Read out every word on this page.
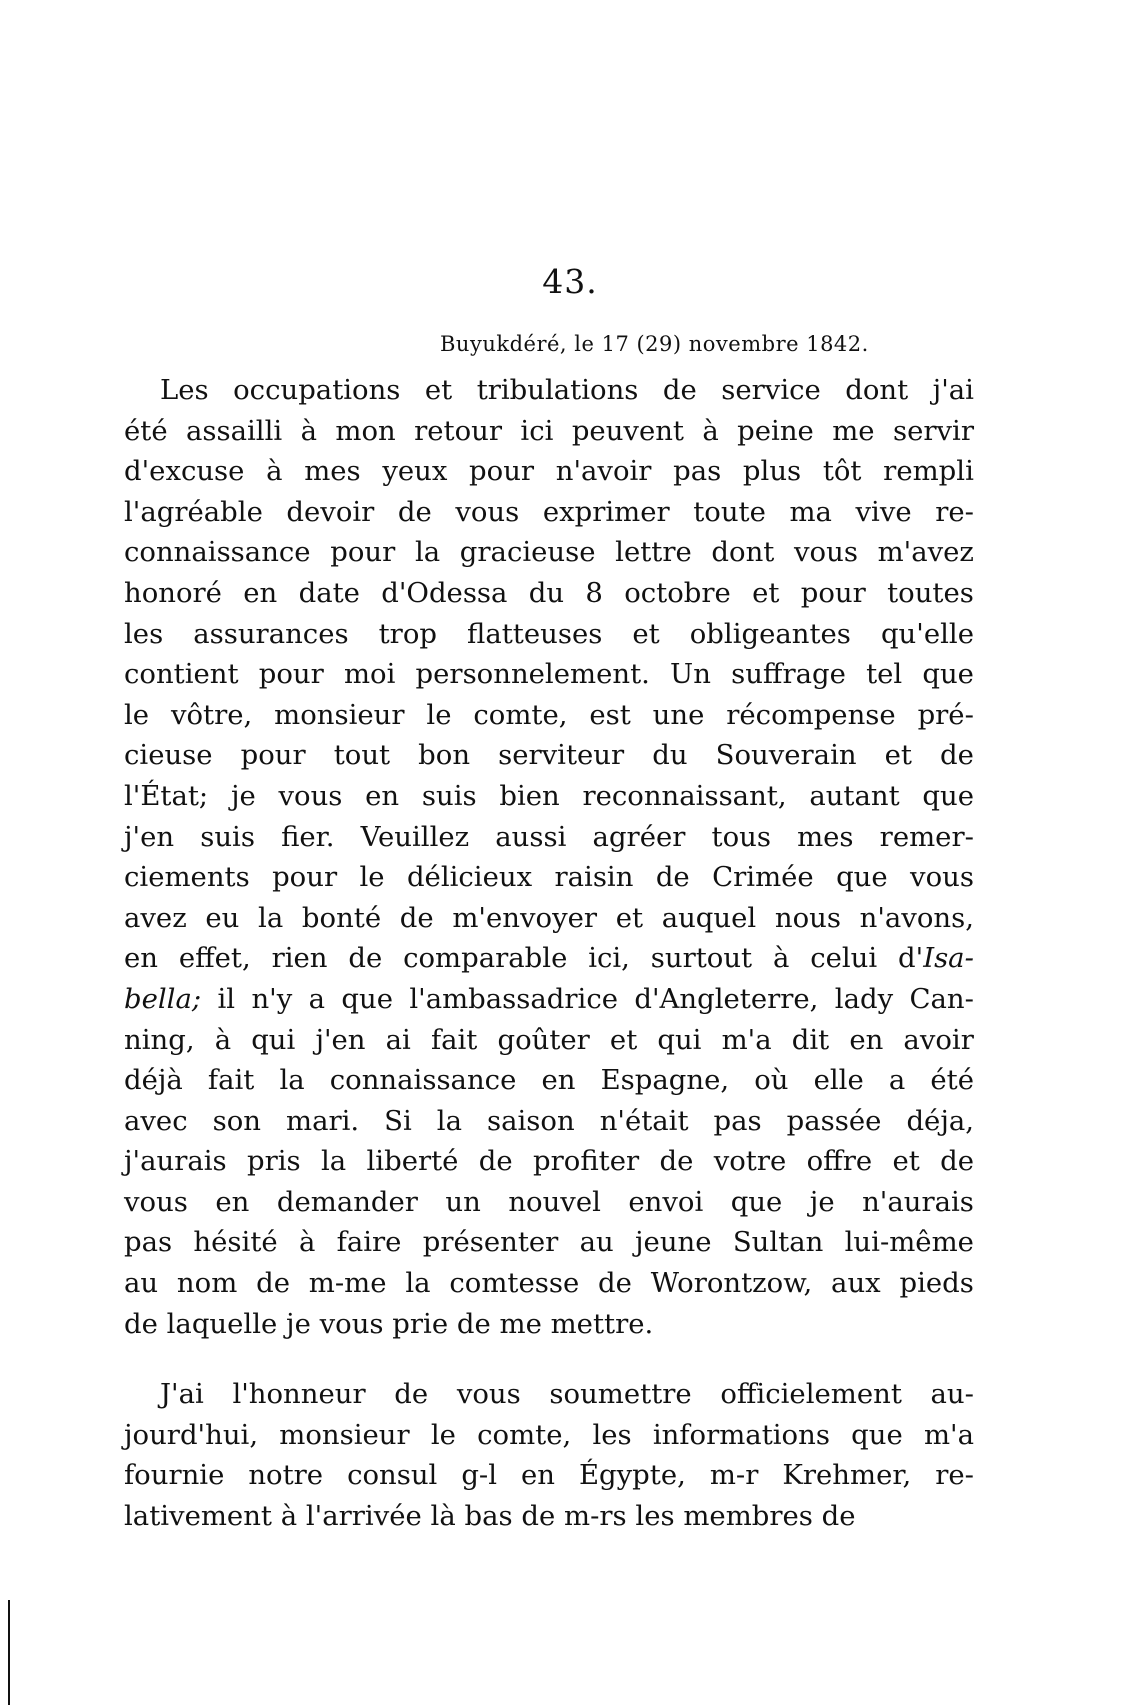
43.
Buyukdéré, le 17 (29) novembre 1842.
Les occupations et tribulations de service dont j'ai
été assailli à mon retour ici peuvent à peine me servir
d'excuse à mes yeux pour n'avoir pas plus tôt rempli
l'agréable devoir de vous exprimer toute ma vive re-
connaissance pour la gracieuse lettre dont vous m'avez
honoré en date d'Odessa du 8 octobre et pour toutes
les assurances trop flatteuses et obligeantes qu'elle
contient pour moi personnelement. Un suffrage tel que
le vôtre, monsieur le comte, est une récompense pré-
cieuse pour tout bon serviteur du Souverain et de
l'État; je vous en suis bien reconnaissant, autant que
j'en suis fier. Veuillez aussi agréer tous mes remer-
ciements pour le délicieux raisin de Crimée que vous
avez eu la bonté de m'envoyer et auquel nous n'avons,
en effet, rien de comparable ici, surtout à celui d'Isa-
bella; il n'y a que l'ambassadrice d'Angleterre, lady Can-
ning, à qui j'en ai fait goûter et qui m'a dit en avoir
déjà fait la connaissance en Espagne, où elle a été
avec son mari. Si la saison n'était pas passée déja,
j'aurais pris la liberté de profiter de votre offre et de
vous en demander un nouvel envoi que je n'aurais
pas hésité à faire présenter au jeune Sultan lui-même
au nom de m-me la comtesse de Worontzow, aux pieds
de
laquelle
je
vous
prie
de
me
mettre.
J'ai l'honneur de vous soumettre officielement au-
jourd'hui, monsieur le comte, les informations que m'a
fournie notre consul g-l en Égypte, m-r Krehmer, re-
lativement
à
l'arrivée
là
bas
de
m-rs
les
membres
de
